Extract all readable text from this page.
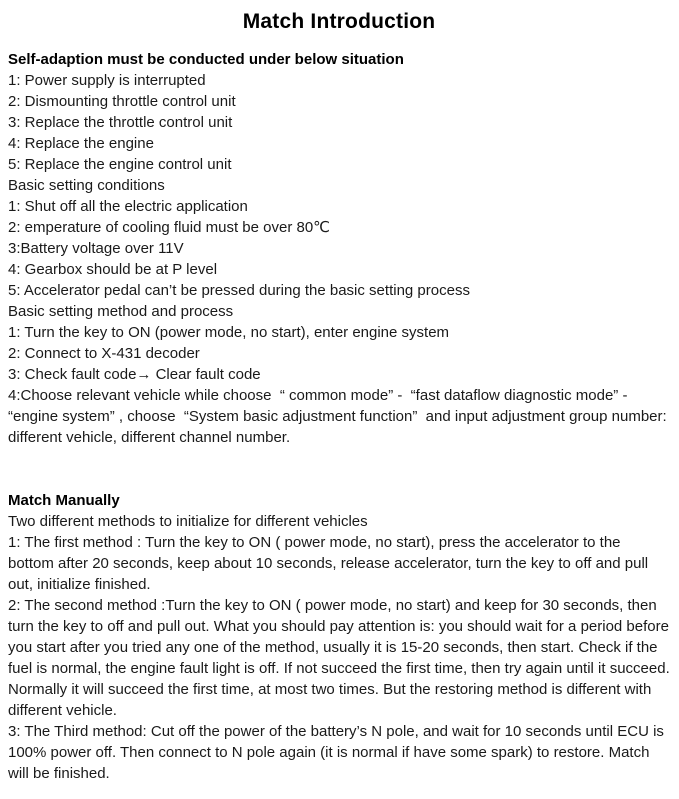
Match Introduction
Self-adaption must be conducted under below situation

1: Power supply is interrupted

2: Dismounting throttle control unit

3: Replace the throttle control unit

4: Replace the engine

5: Replace the engine control unit

Basic setting conditions

1: Shut off all the electric application

2: emperature of cooling fluid must be over 80℃

3:Battery voltage over 11V

4: Gearbox should be at P level

5: Accelerator pedal can’t be pressed during the basic setting process

Basic setting method and process

1: Turn the key to ON (power mode, no start), enter engine system

2: Connect to X-431 decoder

3: Check fault code→ Clear fault code

4:Choose relevant vehicle while choose  “ common mode” -  “fast dataflow diagnostic mode” -  “engine system” , choose  “System basic adjustment function”  and input adjustment group number: different vehicle, different channel number.

Match Manually

Two different methods to initialize for different vehicles

1: The first method : Turn the key to ON ( power mode, no start), press the accelerator to the bottom after 20 seconds, keep about 10 seconds, release accelerator, turn the key to off and pull out, initialize finished.

2: The second method :Turn the key to ON ( power mode, no start) and keep for 30 seconds, then turn the key to off and pull out. What you should pay attention is: you should wait for a period before you start after you tried any one of the method, usually it is 15-20 seconds, then start. Check if the fuel is normal, the engine fault light is off. If not succeed the first time, then try again until it succeed. Normally it will succeed the first time, at most two times. But the restoring method is different with different vehicle.

3: The Third method: Cut off the power of the battery’s N pole, and wait for 10 seconds until ECU is 100% power off. Then connect to N pole again (it is normal if have some spark) to restore. Match will be finished.
